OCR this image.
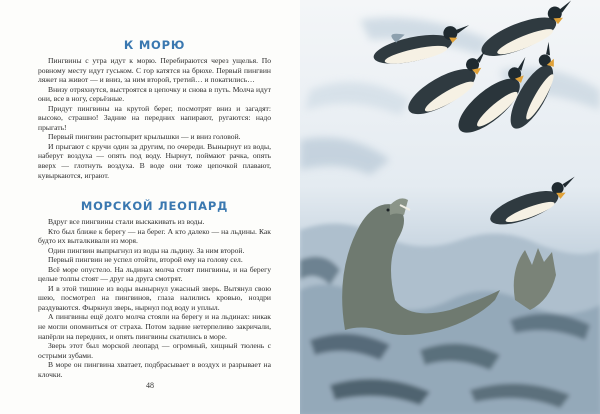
К МОРЮ

Пингвины с утра идут к морю. Перебираются через ущелья. По ровному месту идут гуськом. С гор катятся на брюхе. Первый пингвин ляжет на живот — и вниз, за ним второй, третий… и покатились…

Внизу отряхнутся, выстроятся в цепочку и снова в путь. Молча идут они, все в ногу, серьёзные.

Придут пингвины на крутой берег, посмотрят вниз и загадят: высоко, страшно! Задние на передних напирают, ругаются: надо прыгать!

Первый пингвин растопырит крылышки — и вниз головой.

И прыгают с кручи один за другим, по очереди. Вынырнут из воды, наберут воздуха — опять под воду. Нырнут, поймают рачка, опять вверх — глотнуть воздуха. В воде они тоже цепочкой плавают, кувыркаются, играют.

МОРСКОЙ ЛЕОПАРД

Вдруг все пингвины стали выскакивать из воды.

Кто был ближе к берегу — на берег. А кто далеко — на льдины. Как будто их выталкивали из моря.

Один пингвин выпрыгнул из воды на льдину. За ним второй.

Первый пингвин не успел отойти, второй ему на голову сел.

Всё море опустело. На льдинах молча стоят пингвины, и на берегу целые толпы стоят — друг на друга смотрят.

И в этой тишине из воды вынырнул ужасный зверь. Вытянул свою шею, посмотрел на пингвинов, глаза налились кровью, ноздри раздуваются. Фыркнул зверь, нырнул под воду и уплыл.

А пингвины ещё долго молча стояли на берегу и на льдинах: никак не могли опомниться от страха. Потом задние нетерпеливо закричали, напёрли на передних, и опять пингвины скатились в море.

Зверь этот был морской леопард — огромный, хищный тюлень с острыми зубами.

В море он пингвина хватает, подбрасывает в воздух и разрывает на клочки.

48
